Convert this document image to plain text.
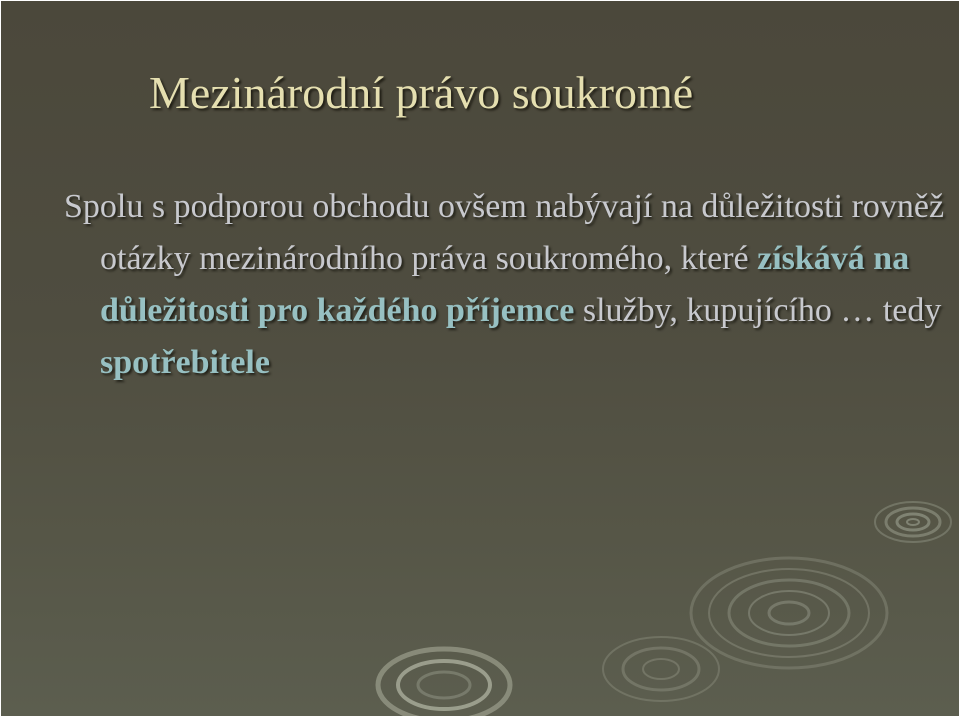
Mezinárodní právo soukromé

Spolu s podporou obchodu ovšem nabývají na důležitosti rovněž otázky mezinárodního práva soukromého, které získává na důležitosti pro každého příjemce služby, kupujícího … tedy spotřebitele
